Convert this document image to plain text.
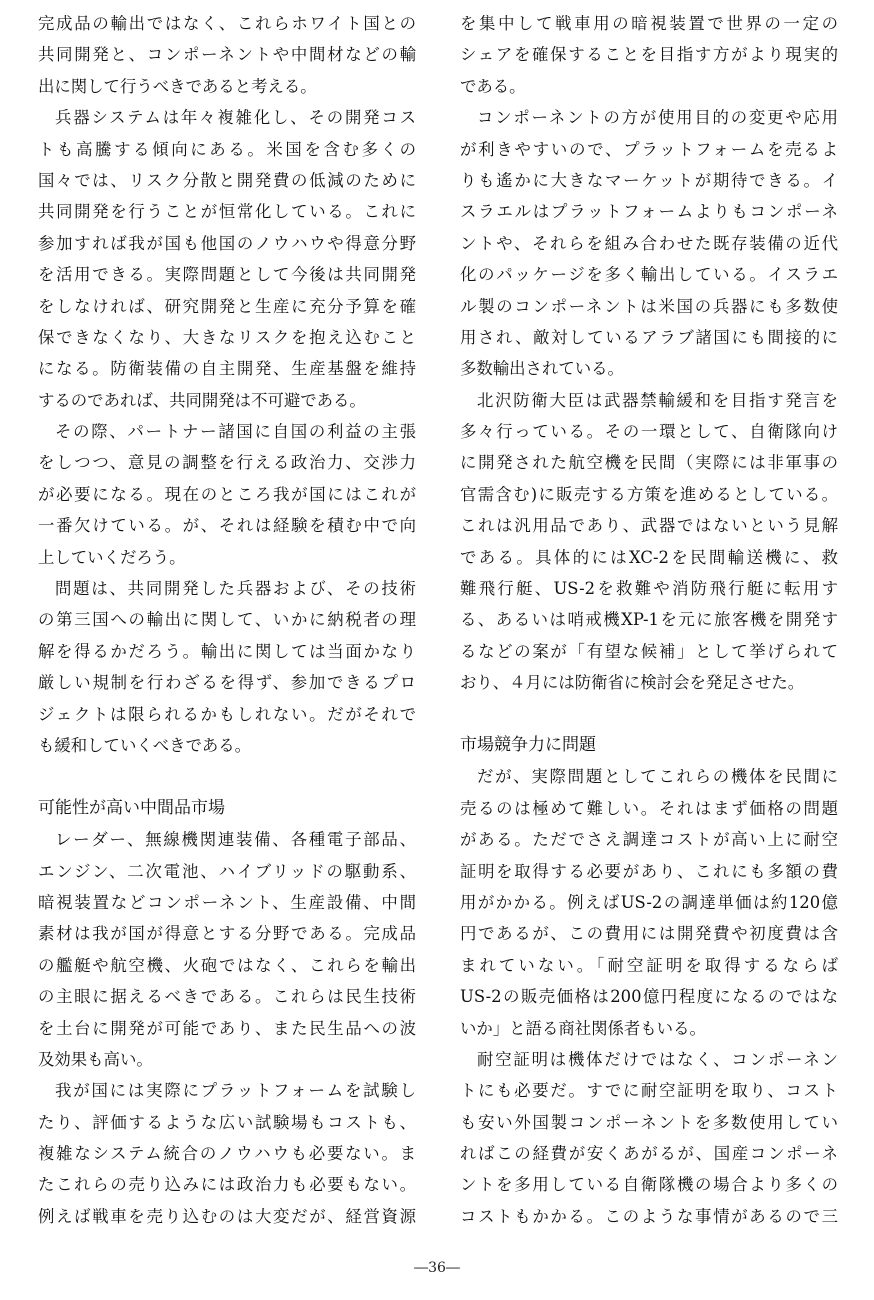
完成品の輸出ではなく、これらホワイト国との
共同開発と、コンポーネントや中間材などの輸
出に関して行うべきであると考える。
兵器システムは年々複雑化し、その開発コス
トも高騰する傾向にある。米国を含む多くの
国々では、リスク分散と開発費の低減のために
共同開発を行うことが恒常化している。これに
参加すれば我が国も他国のノウハウや得意分野
を活用できる。実際問題として今後は共同開発
をしなければ、研究開発と生産に充分予算を確
保できなくなり、大きなリスクを抱え込むこと
になる。防衛装備の自主開発、生産基盤を維持
するのであれば、共同開発は不可避である。
その際、パートナー諸国に自国の利益の主張
をしつつ、意見の調整を行える政治力、交渉力
が必要になる。現在のところ我が国にはこれが
一番欠けている。が、それは経験を積む中で向
上していくだろう。
問題は、共同開発した兵器および、その技術
の第三国への輸出に関して、いかに納税者の理
解を得るかだろう。輸出に関しては当面かなり
厳しい規制を行わざるを得ず、参加できるプロ
ジェクトは限られるかもしれない。だがそれで
も緩和していくべきである。
可能性が高い中間品市場
レーダー、無線機関連装備、各種電子部品、
エンジン、二次電池、ハイブリッドの駆動系、
暗視装置などコンポーネント、生産設備、中間
素材は我が国が得意とする分野である。完成品
の艦艇や航空機、火砲ではなく、これらを輸出
の主眼に据えるべきである。これらは民生技術
を土台に開発が可能であり、また民生品への波
及効果も高い。
我が国には実際にプラットフォームを試験し
たり、評価するような広い試験場もコストも、
複雑なシステム統合のノウハウも必要ない。ま
たこれらの売り込みには政治力も必要もない。
例えば戦車を売り込むのは大変だが、経営資源
を集中して戦車用の暗視装置で世界の一定の
シェアを確保することを目指す方がより現実的
である。
コンポーネントの方が使用目的の変更や応用
が利きやすいので、プラットフォームを売るよ
りも遙かに大きなマーケットが期待できる。イ
スラエルはプラットフォームよりもコンポーネ
ントや、それらを組み合わせた既存装備の近代
化のパッケージを多く輸出している。イスラエ
ル製のコンポーネントは米国の兵器にも多数使
用され、敵対しているアラブ諸国にも間接的に
多数輸出されている。
北沢防衛大臣は武器禁輸緩和を目指す発言を
多々行っている。その一環として、自衛隊向け
に開発された航空機を民間（実際には非軍事の
官需含む)に販売する方策を進めるとしている。
これは汎用品であり、武器ではないという見解
である。具体的にはXC-2を民間輸送機に、救
難飛行艇、US-2を救難や消防飛行艇に転用す
る、あるいは哨戒機XP-1を元に旅客機を開発す
るなどの案が「有望な候補」として挙げられて
おり、４月には防衛省に検討会を発足させた。
市場競争力に問題
だが、実際問題としてこれらの機体を民間に
売るのは極めて難しい。それはまず価格の問題
がある。ただでさえ調達コストが高い上に耐空
証明を取得する必要があり、これにも多額の費
用がかかる。例えばUS-2の調達単価は約120億
円であるが、この費用には開発費や初度費は含
まれていない。「耐空証明を取得するならば
US-2の販売価格は200億円程度になるのではな
いか」と語る商社関係者もいる。
耐空証明は機体だけではなく、コンポーネン
トにも必要だ。すでに耐空証明を取り、コスト
も安い外国製コンポーネントを多数使用してい
ればこの経費が安くあがるが、国産コンポーネ
ントを多用している自衛隊機の場合より多くの
コストもかかる。このような事情があるので三
―36―
